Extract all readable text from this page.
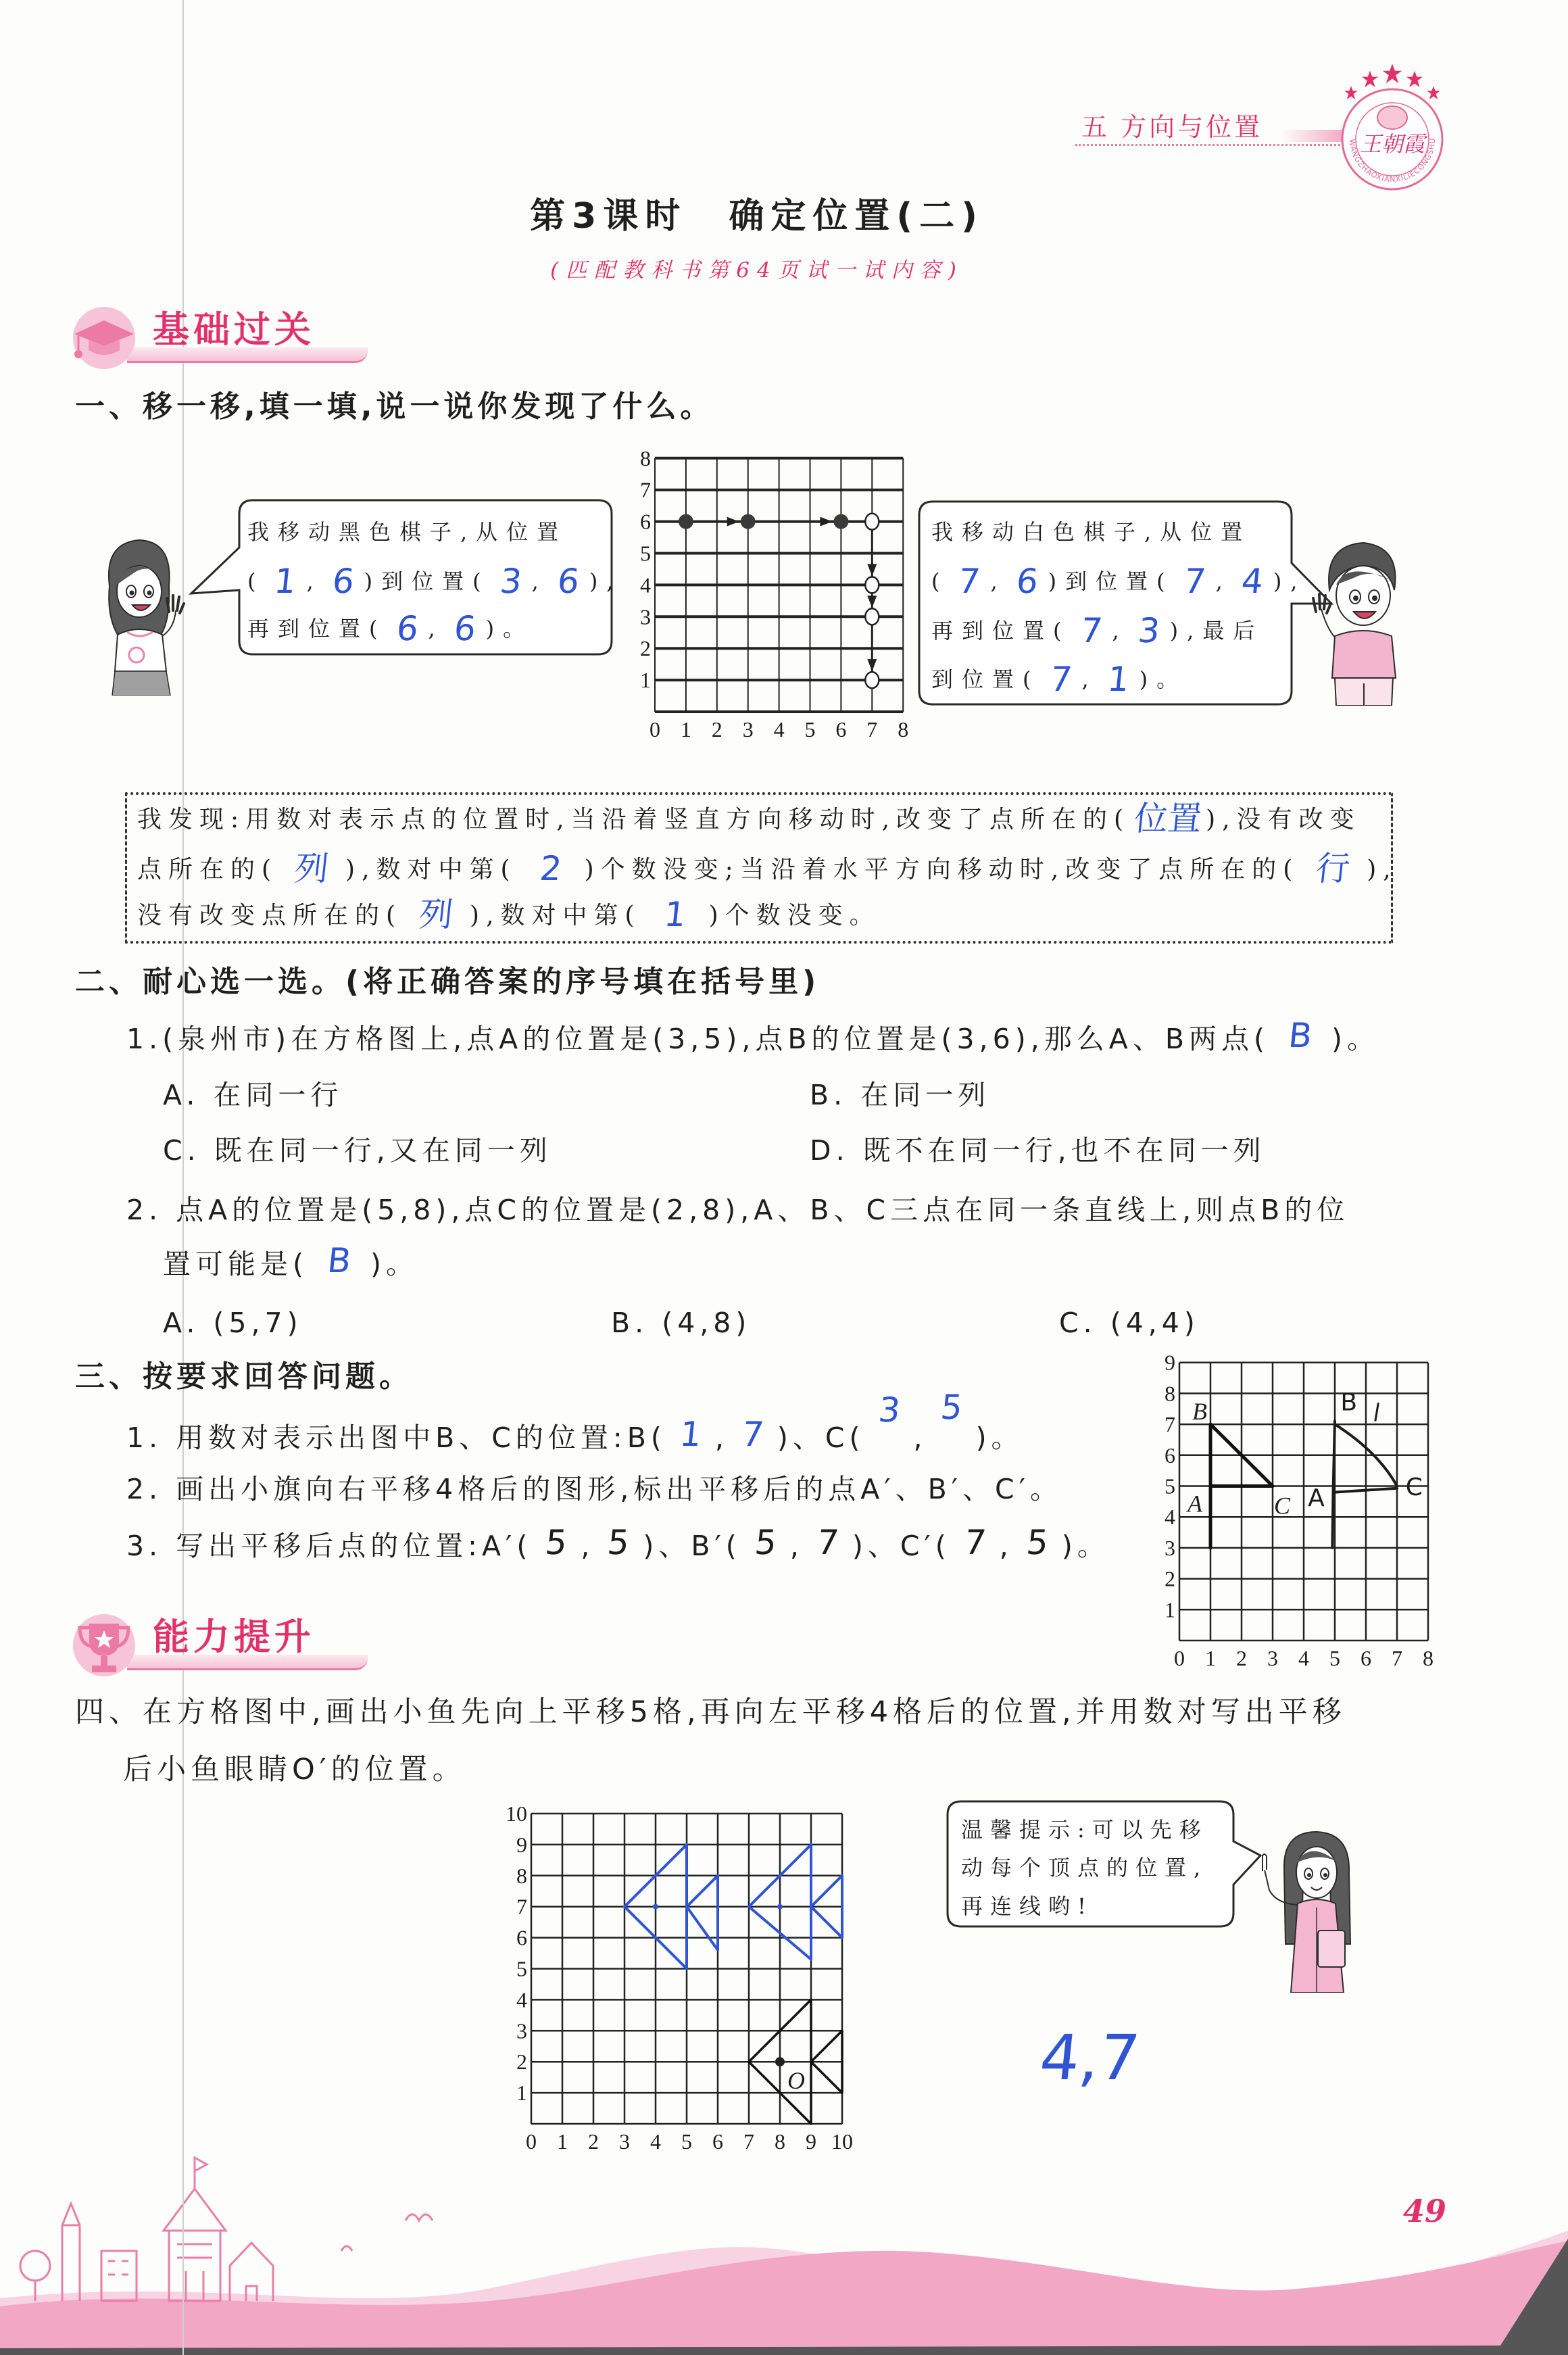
0 1 2 3 4 5 6 7 8
1
2
3
4
5
6
7
8
0 1 2 3 4 5 6 7 8
1
2
3
4
5
6
7
8
9
B
A	C
B
C
A
0 1 2 3 4 5 6 7 8 9 10
1
2
3
4
5
6
7
8
9
10
O
五 方向与位置
王朝霞
WANGZHAOXIANXILIECONGSHU
第3课时　确定位置(二)
(匹配教科书第64页试一试内容)
基础过关
一、移一移,填一填,说一说你发现了什么。
我移动黑色棋子,从位置
( 1 , 6 )到位置( 3 , 6 ),
再到位置( 6 , 6 )。
我移动白色棋子,从位置
( 7 , 6 )到位置( 7 , 4 ),
再到位置( 7 , 3 ),最后
到位置( 7 , 1 )。
我发现:用数对表示点的位置时,当沿着竖直方向移动时,改变了点所在的(位置),没有改变
点所在的( 列 ),数对中第( 2 )个数没变;当沿着水平方向移动时,改变了点所在的( 行 ),
没有改变点所在的( 列 ),数对中第( 1 )个数没变。
二、耐心选一选。(将正确答案的序号填在括号里)
1.(泉州市)在方格图上,点A的位置是(3,5),点B的位置是(3,6),那么A、B两点( B )。
A. 在同一行	B. 在同一列
C. 既在同一行,又在同一列	D. 既不在同一行,也不在同一列
2. 点A的位置是(5,8),点C的位置是(2,8),A、B、C三点在同一条直线上,则点B的位
置可能是( B )。
A. (5,7)	B. (4,8)	C. (4,4)
三、按要求回答问题。
1. 用数对表示出图中B、C的位置:B( 1 , 7 )、C(3,5)。
2. 画出小旗向右平移4格后的图形,标出平移后的点A′、B′、C′。
3. 写出平移后点的位置:A′( 5 , 5 )、B′( 5 , 7 )、C′( 7 , 5 )。
能力提升
四、在方格图中,画出小鱼先向上平移5格,再向左平移4格后的位置,并用数对写出平移
后小鱼眼睛O′的位置。
温馨提示:可以先移
动每个顶点的位置,
再连线哟!
4,7
49
